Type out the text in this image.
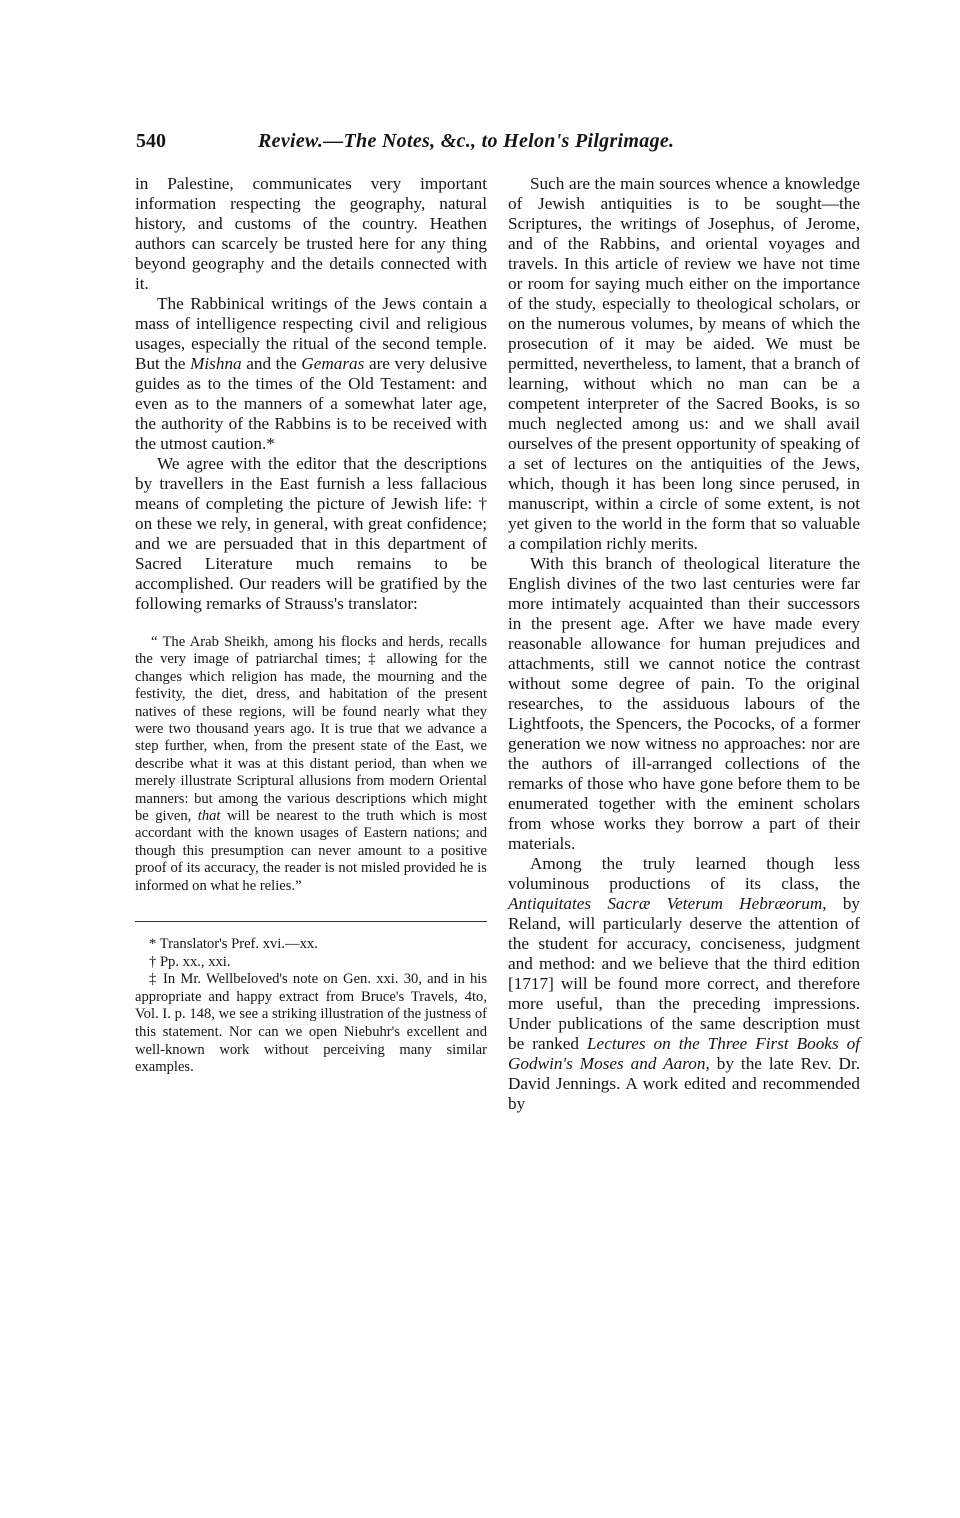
540	Review.—The Notes, &c., to Helon's Pilgrimage.

in Palestine, communicates very important information respecting the geography, natural history, and customs of the country. Heathen authors can scarcely be trusted here for any thing beyond geography and the details connected with it.

The Rabbinical writings of the Jews contain a mass of intelligence respecting civil and religious usages, especially the ritual of the second temple. But the Mishna and the Gemaras are very delusive guides as to the times of the Old Testament: and even as to the manners of a somewhat later age, the authority of the Rabbins is to be received with the utmost caution.*

We agree with the editor that the descriptions by travellers in the East furnish a less fallacious means of completing the picture of Jewish life: † on these we rely, in general, with great confidence; and we are persuaded that in this department of Sacred Literature much remains to be accomplished. Our readers will be gratified by the following remarks of Strauss's translator:

“ The Arab Sheikh, among his flocks and herds, recalls the very image of patriarchal times; ‡ allowing for the changes which religion has made, the mourning and the festivity, the diet, dress, and habitation of the present natives of these regions, will be found nearly what they were two thousand years ago. It is true that we advance a step further, when, from the present state of the East, we describe what it was at this distant period, than when we merely illustrate Scriptural allusions from modern Oriental manners: but among the various descriptions which might be given, that will be nearest to the truth which is most accordant with the known usages of Eastern nations; and though this presumption can never amount to a positive proof of its accuracy, the reader is not misled provided he is informed on what he relies.”

* Translator's Pref. xvi.—xx.

† Pp. xx., xxi.

‡ In Mr. Wellbeloved's note on Gen. xxi. 30, and in his appropriate and happy extract from Bruce's Travels, 4to, Vol. I. p. 148, we see a striking illustration of the justness of this statement. Nor can we open Niebuhr's excellent and well-known work without perceiving many similar examples.

Such are the main sources whence a knowledge of Jewish antiquities is to be sought—the Scriptures, the writings of Josephus, of Jerome, and of the Rabbins, and oriental voyages and travels. In this article of review we have not time or room for saying much either on the importance of the study, especially to theological scholars, or on the numerous volumes, by means of which the prosecution of it may be aided. We must be permitted, nevertheless, to lament, that a branch of learning, without which no man can be a competent interpreter of the Sacred Books, is so much neglected among us: and we shall avail ourselves of the present opportunity of speaking of a set of lectures on the antiquities of the Jews, which, though it has been long since perused, in manuscript, within a circle of some extent, is not yet given to the world in the form that so valuable a compilation richly merits.

With this branch of theological literature the English divines of the two last centuries were far more intimately acquainted than their successors in the present age. After we have made every reasonable allowance for human prejudices and attachments, still we cannot notice the contrast without some degree of pain. To the original researches, to the assiduous labours of the Lightfoots, the Spencers, the Pococks, of a former generation we now witness no approaches: nor are the authors of ill-arranged collections of the remarks of those who have gone before them to be enumerated together with the eminent scholars from whose works they borrow a part of their materials.

Among the truly learned though less voluminous productions of its class, the Antiquitates Sacræ Veterum Hebræorum, by Reland, will particularly deserve the attention of the student for accuracy, conciseness, judgment and method: and we believe that the third edition [1717] will be found more correct, and therefore more useful, than the preceding impressions. Under publications of the same description must be ranked Lectures on the Three First Books of Godwin's Moses and Aaron, by the late Rev. Dr. David Jennings. A work edited and recommended by
